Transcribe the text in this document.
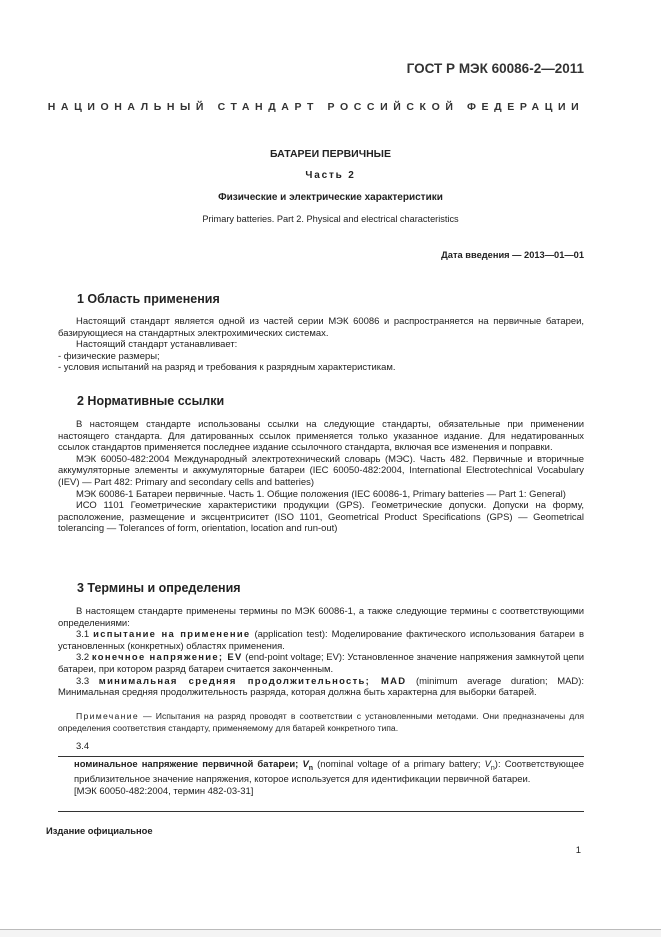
ГОСТ Р МЭК 60086-2—2011
НАЦИОНАЛЬНЫЙ СТАНДАРТ РОССИЙСКОЙ ФЕДЕРАЦИИ
БАТАРЕИ ПЕРВИЧНЫЕ
Часть 2
Физические и электрические характеристики
Primary batteries. Part 2. Physical and electrical characteristics
Дата введения — 2013—01—01
1 Область применения

Настоящий стандарт является одной из частей серии МЭК 60086 и распространяется на первичные батареи, базирующиеся на стандартных электрохимических системах.

Настоящий стандарт устанавливает:

- физические размеры;

- условия испытаний на разряд и требования к разрядным характеристикам.

2 Нормативные ссылки

В настоящем стандарте использованы ссылки на следующие стандарты, обязательные при применении настоящего стандарта. Для датированных ссылок применяется только указанное издание. Для недатированных ссылок стандартов применяется последнее издание ссылочного стандарта, включая все изменения и поправки.

МЭК 60050-482:2004 Международный электротехнический словарь (МЭС). Часть 482. Первичные и вторичные аккумуляторные элементы и аккумуляторные батареи (IEC 60050-482:2004, International Electrotechnical Vocabulary (IEV) — Part 482: Primary and secondary cells and batteries)

МЭК 60086-1 Батареи первичные. Часть 1. Общие положения (IEC 60086-1, Primary batteries — Part 1: General)

ИСО 1101 Геометрические характеристики продукции (GPS). Геометрические допуски. Допуски на форму, расположение, размещение и эксцентриситет (ISO 1101, Geometrical Product Specifications (GPS) — Geometrical tolerancing — Tolerances of form, orientation, location and run-out)

3 Термины и определения

В настоящем стандарте применены термины по МЭК 60086-1, а также следующие термины с соответствующими определениями:

3.1 испытание на применение (application test): Моделирование фактического использования батареи в установленных (конкретных) областях применения.

3.2 конечное напряжение; EV (end-point voltage; EV): Установленное значение напряжения замкнутой цепи батареи, при котором разряд батареи считается законченным.

3.3 минимальная средняя продолжительность; MAD (minimum average duration; MAD): Минимальная средняя продолжительность разряда, которая должна быть характерна для выборки батарей.

Примечание — Испытания на разряд проводят в соответствии с установленными методами. Они предназначены для определения соответствия стандарту, применяемому для батарей конкретного типа.

3.4

номинальное напряжение первичной батареи; $V_n$ (nominal voltage of a primary battery; $V_n$): Соответствующее приблизительное значение напряжения, которое используется для идентификации первичной батареи.

[МЭК 60050-482:2004, термин 482-03-31]

Издание официальное
1
